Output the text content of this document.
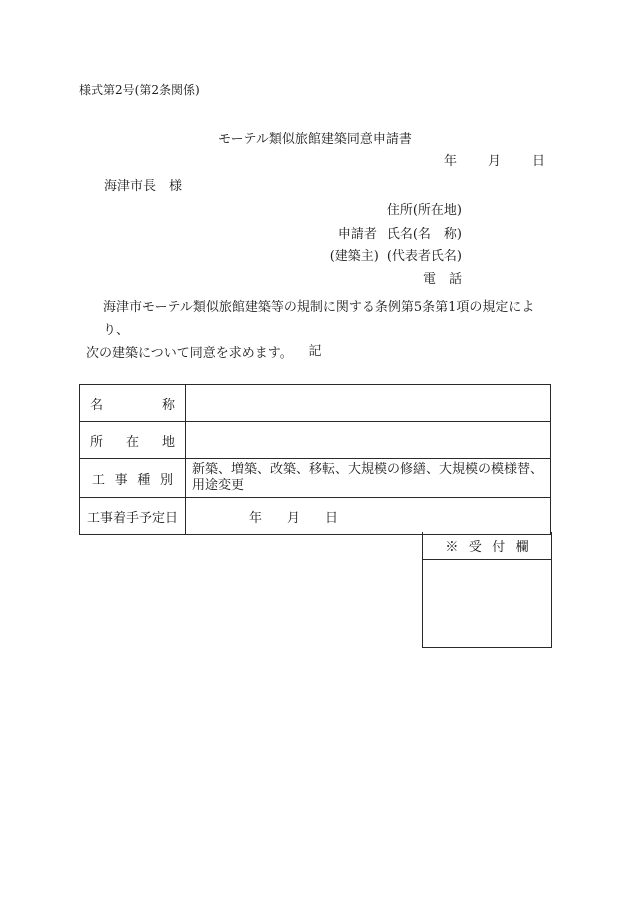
様式第2号(第2条関係)
モーテル類似旅館建築同意申請書
年 月 日
海津市長　様
住所(所在地)
申請者 氏名(名　称)
(建築主) (代表者氏名)
電　話
海津市モーテル類似旅館建築等の規制に関する条例第5条第1項の規定により、
次の建築について同意を求めます。	記
名 称	

所 在 地	

工 事 種 別	新築、増築、改築、移転、大規模の修繕、大規模の模様替、用途変更

工事着手予定日	年 月 日
※受付欄
